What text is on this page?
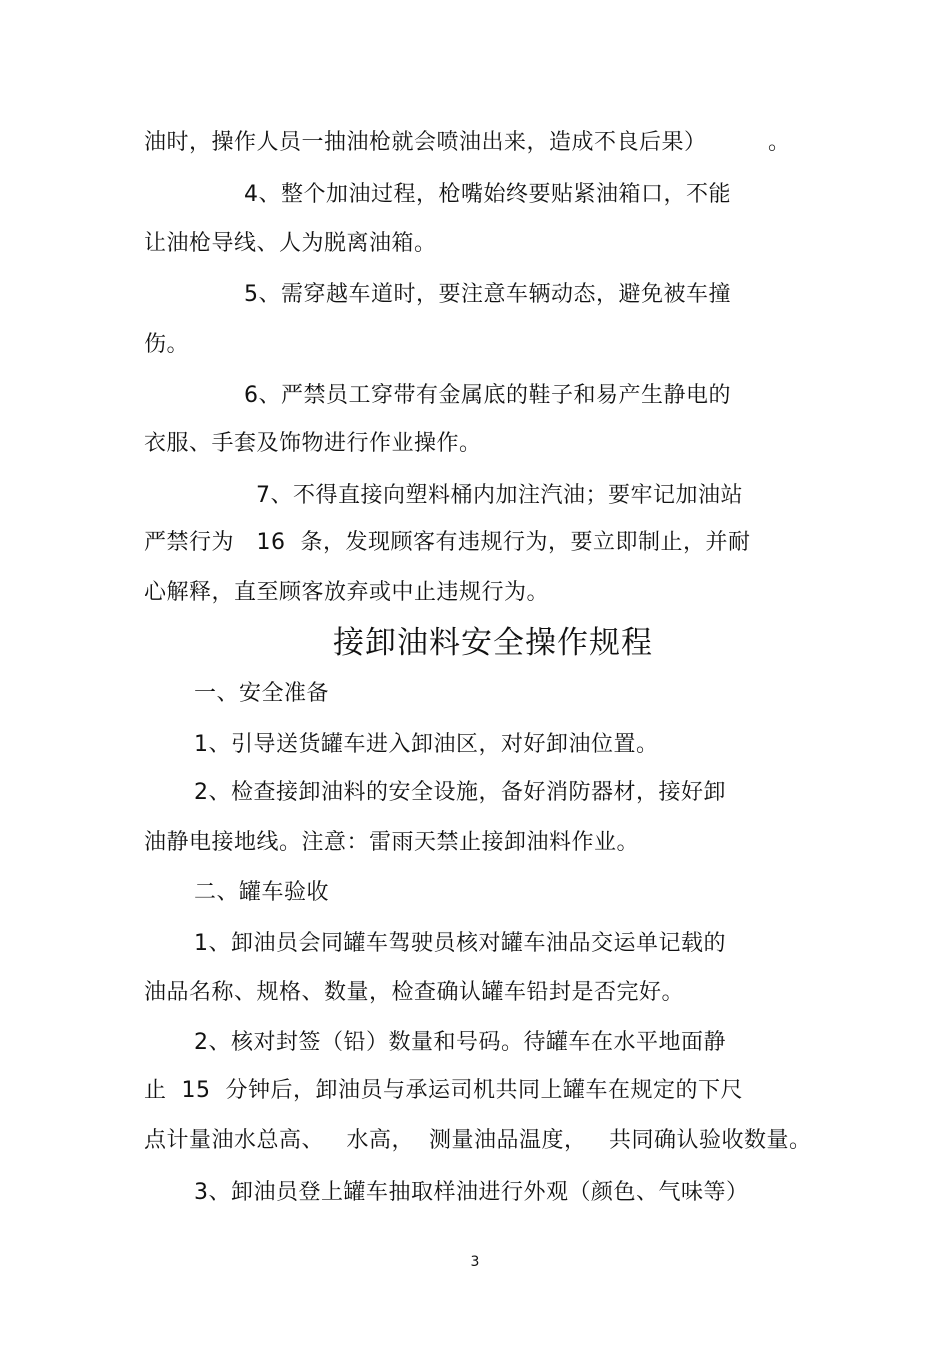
油时，操作人员一抽油枪就会喷油出来，造成不良后果）	。
4、整个加油过程，枪嘴始终要贴紧油箱口，不能
让油枪导线、人为脱离油箱。
5、需穿越车道时，要注意车辆动态，避免被车撞
伤。
6、严禁员工穿带有金属底的鞋子和易产生静电的
衣服、手套及饰物进行作业操作。
7、不得直接向塑料桶内加注汽油；要牢记加油站
严禁行为   16  条，发现顾客有违规行为，要立即制止，并耐
心解释，直至顾客放弃或中止违规行为。
接卸油料安全操作规程
一、安全准备
1、引导送货罐车进入卸油区，对好卸油位置。
2、检查接卸油料的安全设施，备好消防器材，接好卸
油静电接地线。注意：雷雨天禁止接卸油料作业。
二、罐车验收
1、卸油员会同罐车驾驶员核对罐车油品交运单记载的
油品名称、规格、数量，检查确认罐车铅封是否完好。
2、核对封签（铅）数量和号码。待罐车在水平地面静
止  15  分钟后，卸油员与承运司机共同上罐车在规定的下尺
点计量油水总高、   水高，  测量油品温度，   共同确认验收数量。
3、卸油员登上罐车抽取样油进行外观（颜色、气味等）
3
